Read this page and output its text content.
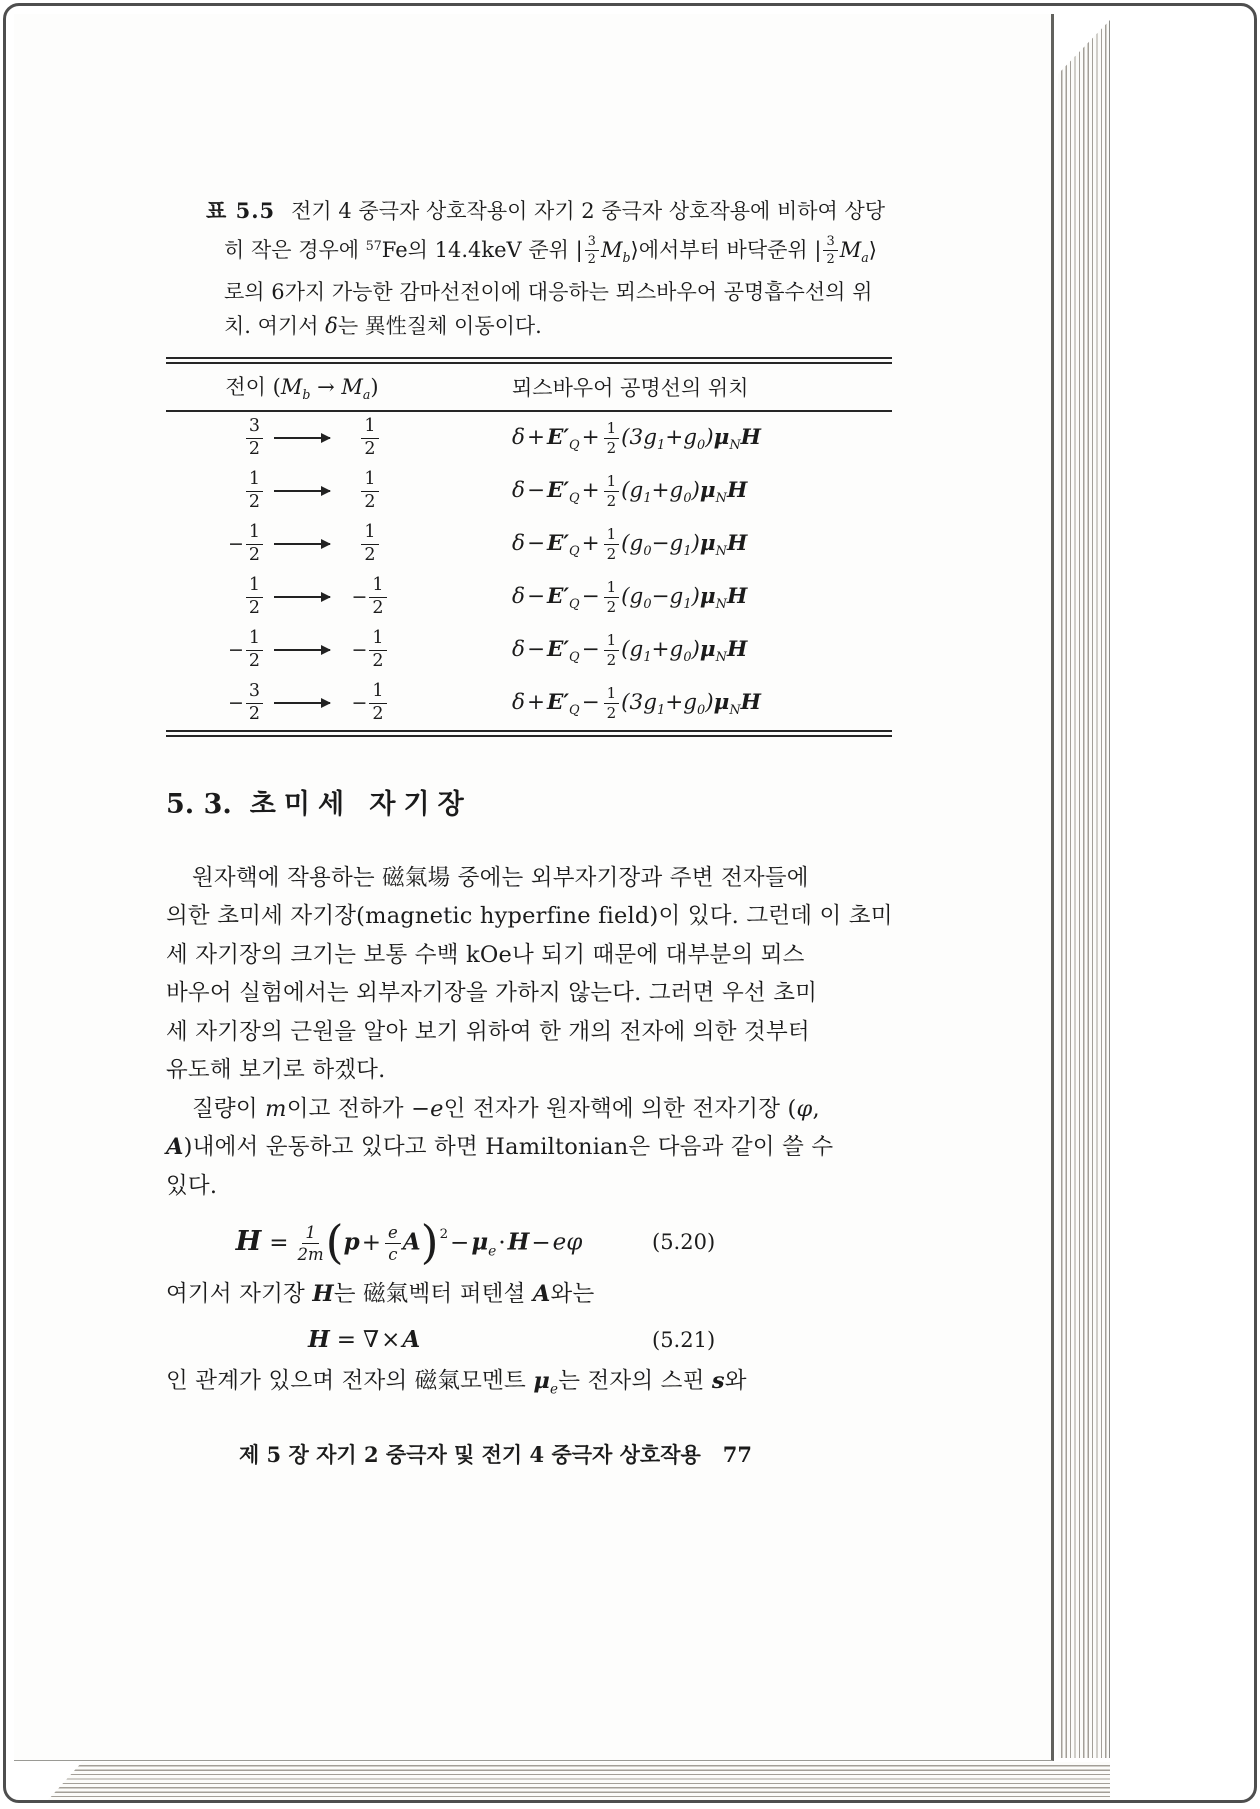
표 5.5 전기 4 중극자 상호작용이 자기 2 중극자 상호작용에 비하여 상당
히 작은 경우에 $^{57}$Fe의 14.4keV 준위 | $\frac{3}{2}$ $M_b⟩$에서부터 바닥준위 | $\frac{3}{2}$ $M_a⟩$
로의 6가지 가능한 감마선전이에 대응하는 뫼스바우어 공명흡수선의 위
치. 여기서 δ는 異性질체 이동이다.
전이 $(M_b \to M_a)$	뫼스바우어 공명선의 위치
$\frac{3}{2}$	$\frac{1}{2}$	$\delta+E'_Q+ \frac{1}{2} (3g_1+g_0)\mu_NH$
$\frac{1}{2}$	$\frac{1}{2}$	$\delta-E'_Q+ \frac{1}{2} (g_1+g_0)\mu_NH$
− $\frac{1}{2}$	$\frac{1}{2}$	$\delta-E'_Q+ \frac{1}{2} (g_0-g_1)\mu_NH$
$\frac{1}{2}$	− $\frac{1}{2}$	$\delta-E'_Q- \frac{1}{2} (g_0-g_1)\mu_NH$
− $\frac{1}{2}$	− $\frac{1}{2}$	$\delta-E'_Q- \frac{1}{2} (g_1+g_0)\mu_NH$
− $\frac{3}{2}$	− $\frac{1}{2}$	$\delta+E'_Q- \frac{1}{2} (3g_1+g_0)\mu_NH$
5. 3. 초미세 자기장
원자핵에 작용하는 磁氣場 중에는 외부자기장과 주변 전자들에
의한 초미세 자기장(magnetic hyperfine field)이 있다. 그런데 이 초미
세 자기장의 크기는 보통 수백 kOe나 되기 때문에 대부분의 뫼스
바우어 실험에서는 외부자기장을 가하지 않는다. 그러면 우선 초미
세 자기장의 근원을 알아 보기 위하여 한 개의 전자에 의한 것부터
유도해 보기로 하겠다.
질량이 m이고 전하가 −e인 전자가 원자핵에 의한 전자기장 (φ,
A)내에서 운동하고 있다고 하면 Hamiltonian은 다음과 같이 쓸 수
있다.
$H = \frac{1}{2m} (p+ \frac{e}{c} A)^2-\mu_e\cdot H-e\varphi$	(5.20)
여기서 자기장 H는 磁氣벡터 퍼텐셜 A와는
H = ∇×A	(5.21)
인 관계가 있으며 전자의 磁氣모멘트 $\mu_e$는 전자의 스핀 s와
제 5 장 자기 2 중극자 및 전기 4 중극자 상호작용 77
